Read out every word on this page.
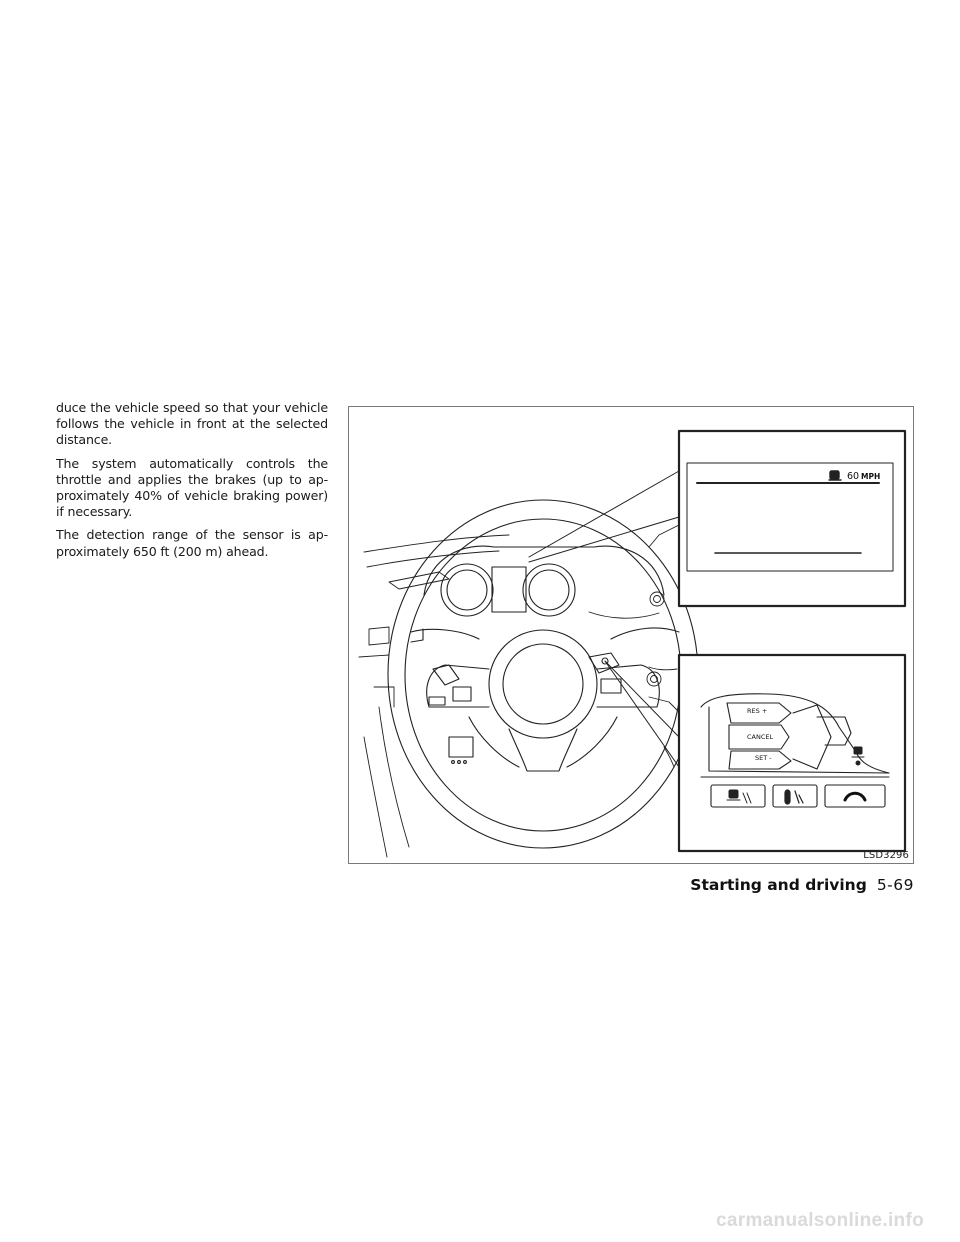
duce the vehicle speed so that your vehicle follows the vehicle in front at the selected distance.

The system automatically controls the throttle and applies the brakes (up to ap-proximately 40% of vehicle braking power) if necessary.

The detection range of the sensor is ap-proximately 650 ft (200 m) ahead.

60 MPH
RES +
CANCEL
SET -
LSD3296
Starting and driving 5-69
carmanualsonline.info
